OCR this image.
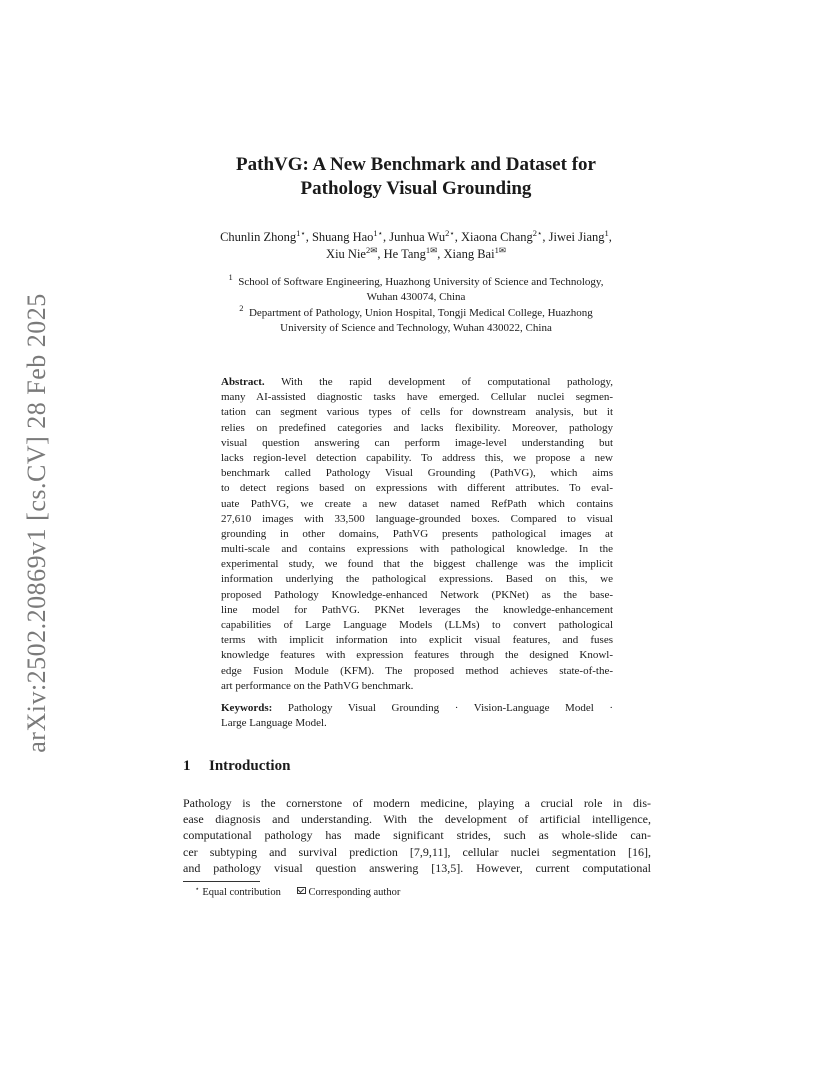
arXiv:2502.20869v1 [cs.CV] 28 Feb 2025
PathVG: A New Benchmark and Dataset for
Pathology Visual Grounding
Chunlin Zhong$^{1⋆}$, Shuang Hao$^{1⋆}$, Junhua $Wu^{2⋆}$, Xiaona Chang$^{2⋆}$, Jiwei Jiang$^1$,
Xiu Nie$^{2✉}$, He Tang$^{1✉}$, Xiang Bai$^{1✉}$
$^1$ School of Software Engineering, Huazhong University of Science and Technology,
Wuhan 430074, China
$^2$ Department of Pathology, Union Hospital, Tongji Medical College, Huazhong
University of Science and Technology, Wuhan 430022, China
Abstract. With the rapid development of computational pathology,
many AI-assisted diagnostic tasks have emerged. Cellular nuclei segmen-
tation can segment various types of cells for downstream analysis, but it
relies on predefined categories and lacks flexibility. Moreover, pathology
visual question answering can perform image-level understanding but
lacks region-level detection capability. To address this, we propose a new
benchmark called Pathology Visual Grounding (PathVG), which aims
to detect regions based on expressions with different attributes. To eval-
uate PathVG, we create a new dataset named RefPath which contains
27,610 images with 33,500 language-grounded boxes. Compared to visual
grounding in other domains, PathVG presents pathological images at
multi-scale and contains expressions with pathological knowledge. In the
experimental study, we found that the biggest challenge was the implicit
information underlying the pathological expressions. Based on this, we
proposed Pathology Knowledge-enhanced Network (PKNet) as the base-
line model for PathVG. PKNet leverages the knowledge-enhancement
capabilities of Large Language Models (LLMs) to convert pathological
terms with implicit information into explicit visual features, and fuses
knowledge features with expression features through the designed Knowl-
edge Fusion Module (KFM). The proposed method achieves state-of-the-
art performance on the PathVG benchmark.
Keywords: Pathology Visual Grounding · Vision-Language Model ·
Large Language Model.
1 Introduction
Pathology is the cornerstone of modern medicine, playing a crucial role in dis-
ease diagnosis and understanding. With the development of artificial intelligence,
computational pathology has made significant strides, such as whole-slide can-
cer subtyping and survival prediction [7,9,11], cellular nuclei segmentation [16],
and pathology visual question answering [13,5]. However, current computational
⋆ Equal contribution	Corresponding author
